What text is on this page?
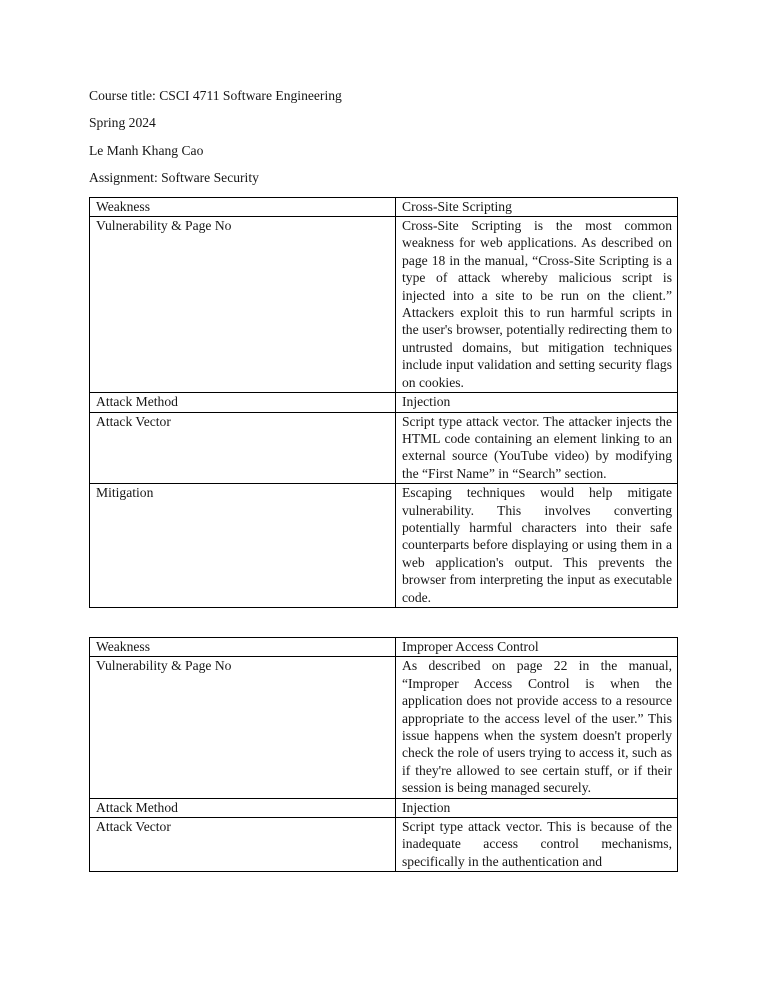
Course title: CSCI 4711 Software Engineering

Spring 2024

Le Manh Khang Cao

Assignment: Software Security

Weakness	Cross-Site Scripting
Vulnerability & Page No	Cross-Site Scripting is the most common weakness for web applications. As described on page 18 in the manual, “Cross-Site Scripting is a type of attack whereby malicious script is injected into a site to be run on the client.” Attackers exploit this to run harmful scripts in the user's browser, potentially redirecting them to untrusted domains, but mitigation techniques include input validation and setting security flags on cookies.
Attack Method	Injection
Attack Vector	Script type attack vector. The attacker injects the HTML code containing an element linking to an external source (YouTube video) by modifying the “First Name” in “Search” section.
Mitigation	Escaping techniques would help mitigate vulnerability. This involves converting potentially harmful characters into their safe counterparts before displaying or using them in a web application's output. This prevents the browser from interpreting the input as executable code.
Weakness	Improper Access Control
Vulnerability & Page No	As described on page 22 in the manual, “Improper Access Control is when the application does not provide access to a resource appropriate to the access level of the user.” This issue happens when the system doesn't properly check the role of users trying to access it, such as if they're allowed to see certain stuff, or if their session is being managed securely.
Attack Method	Injection
Attack Vector	Script type attack vector. This is because of the inadequate access control mechanisms, specifically in the authentication and
